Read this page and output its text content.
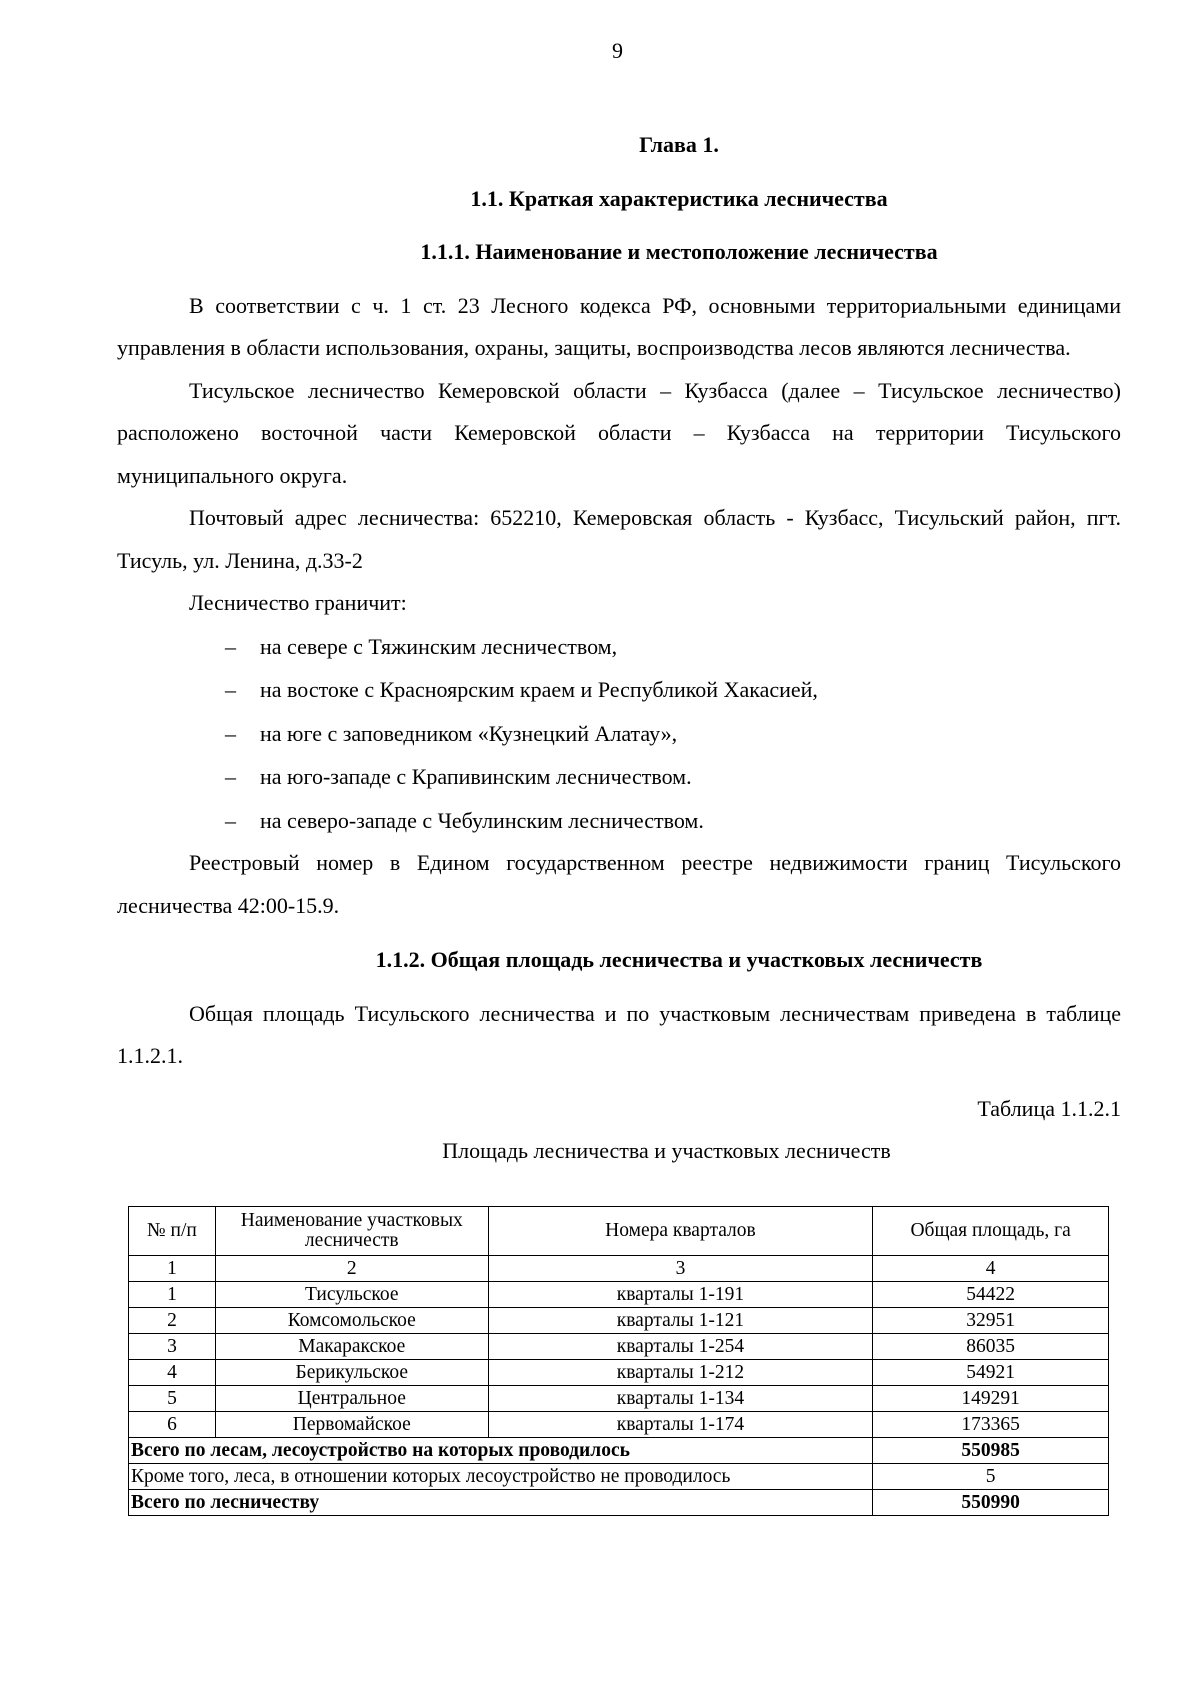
9
Глава 1.
1.1. Краткая характеристика лесничества
1.1.1. Наименование и местоположение лесничества

В соответствии с ч. 1 ст. 23 Лесного кодекса РФ, основными территориальными единицами управления в области использования, охраны, защиты, воспроизводства лесов являются лесничества.

Тисульское лесничество Кемеровской области – Кузбасса (далее – Тисульское лесничество) расположено восточной части Кемеровской области – Кузбасса на территории Тисульского муниципального округа.

Почтовый адрес лесничества: 652210, Кемеровская область - Кузбасс, Тисульский район, пгт. Тисуль, ул. Ленина, д.33-2

Лесничество граничит:

– на севере с Тяжинским лесничеством,
– на востоке с Красноярским краем и Республикой Хакасией,
– на юге с заповедником «Кузнецкий Алатау»,
– на юго-западе с Крапивинским лесничеством.
– на северо-западе с Чебулинским лесничеством.

Реестровый номер в Едином государственном реестре недвижимости границ Тисульского лесничества 42:00-15.9.

1.1.2. Общая площадь лесничества и участковых лесничеств

Общая площадь Тисульского лесничества и по участковым лесничествам приведена в таблице 1.1.2.1.

Таблица 1.1.2.1
Площадь лесничества и участковых лесничеств
№ п/п	Наименование участковых лесничеств	Номера кварталов	Общая площадь, га
1	2	3	4
1	Тисульское	кварталы 1-191	54422
2	Комсомольское	кварталы 1-121	32951
3	Макаракское	кварталы 1-254	86035
4	Берикульское	кварталы 1-212	54921
5	Центральное	кварталы 1-134	149291
6	Первомайское	кварталы 1-174	173365
Всего по лесам, лесоустройство на которых проводилось			550985
Кроме того, леса, в отношении которых лесоустройство не проводилось			5
Всего по лесничеству			550990
